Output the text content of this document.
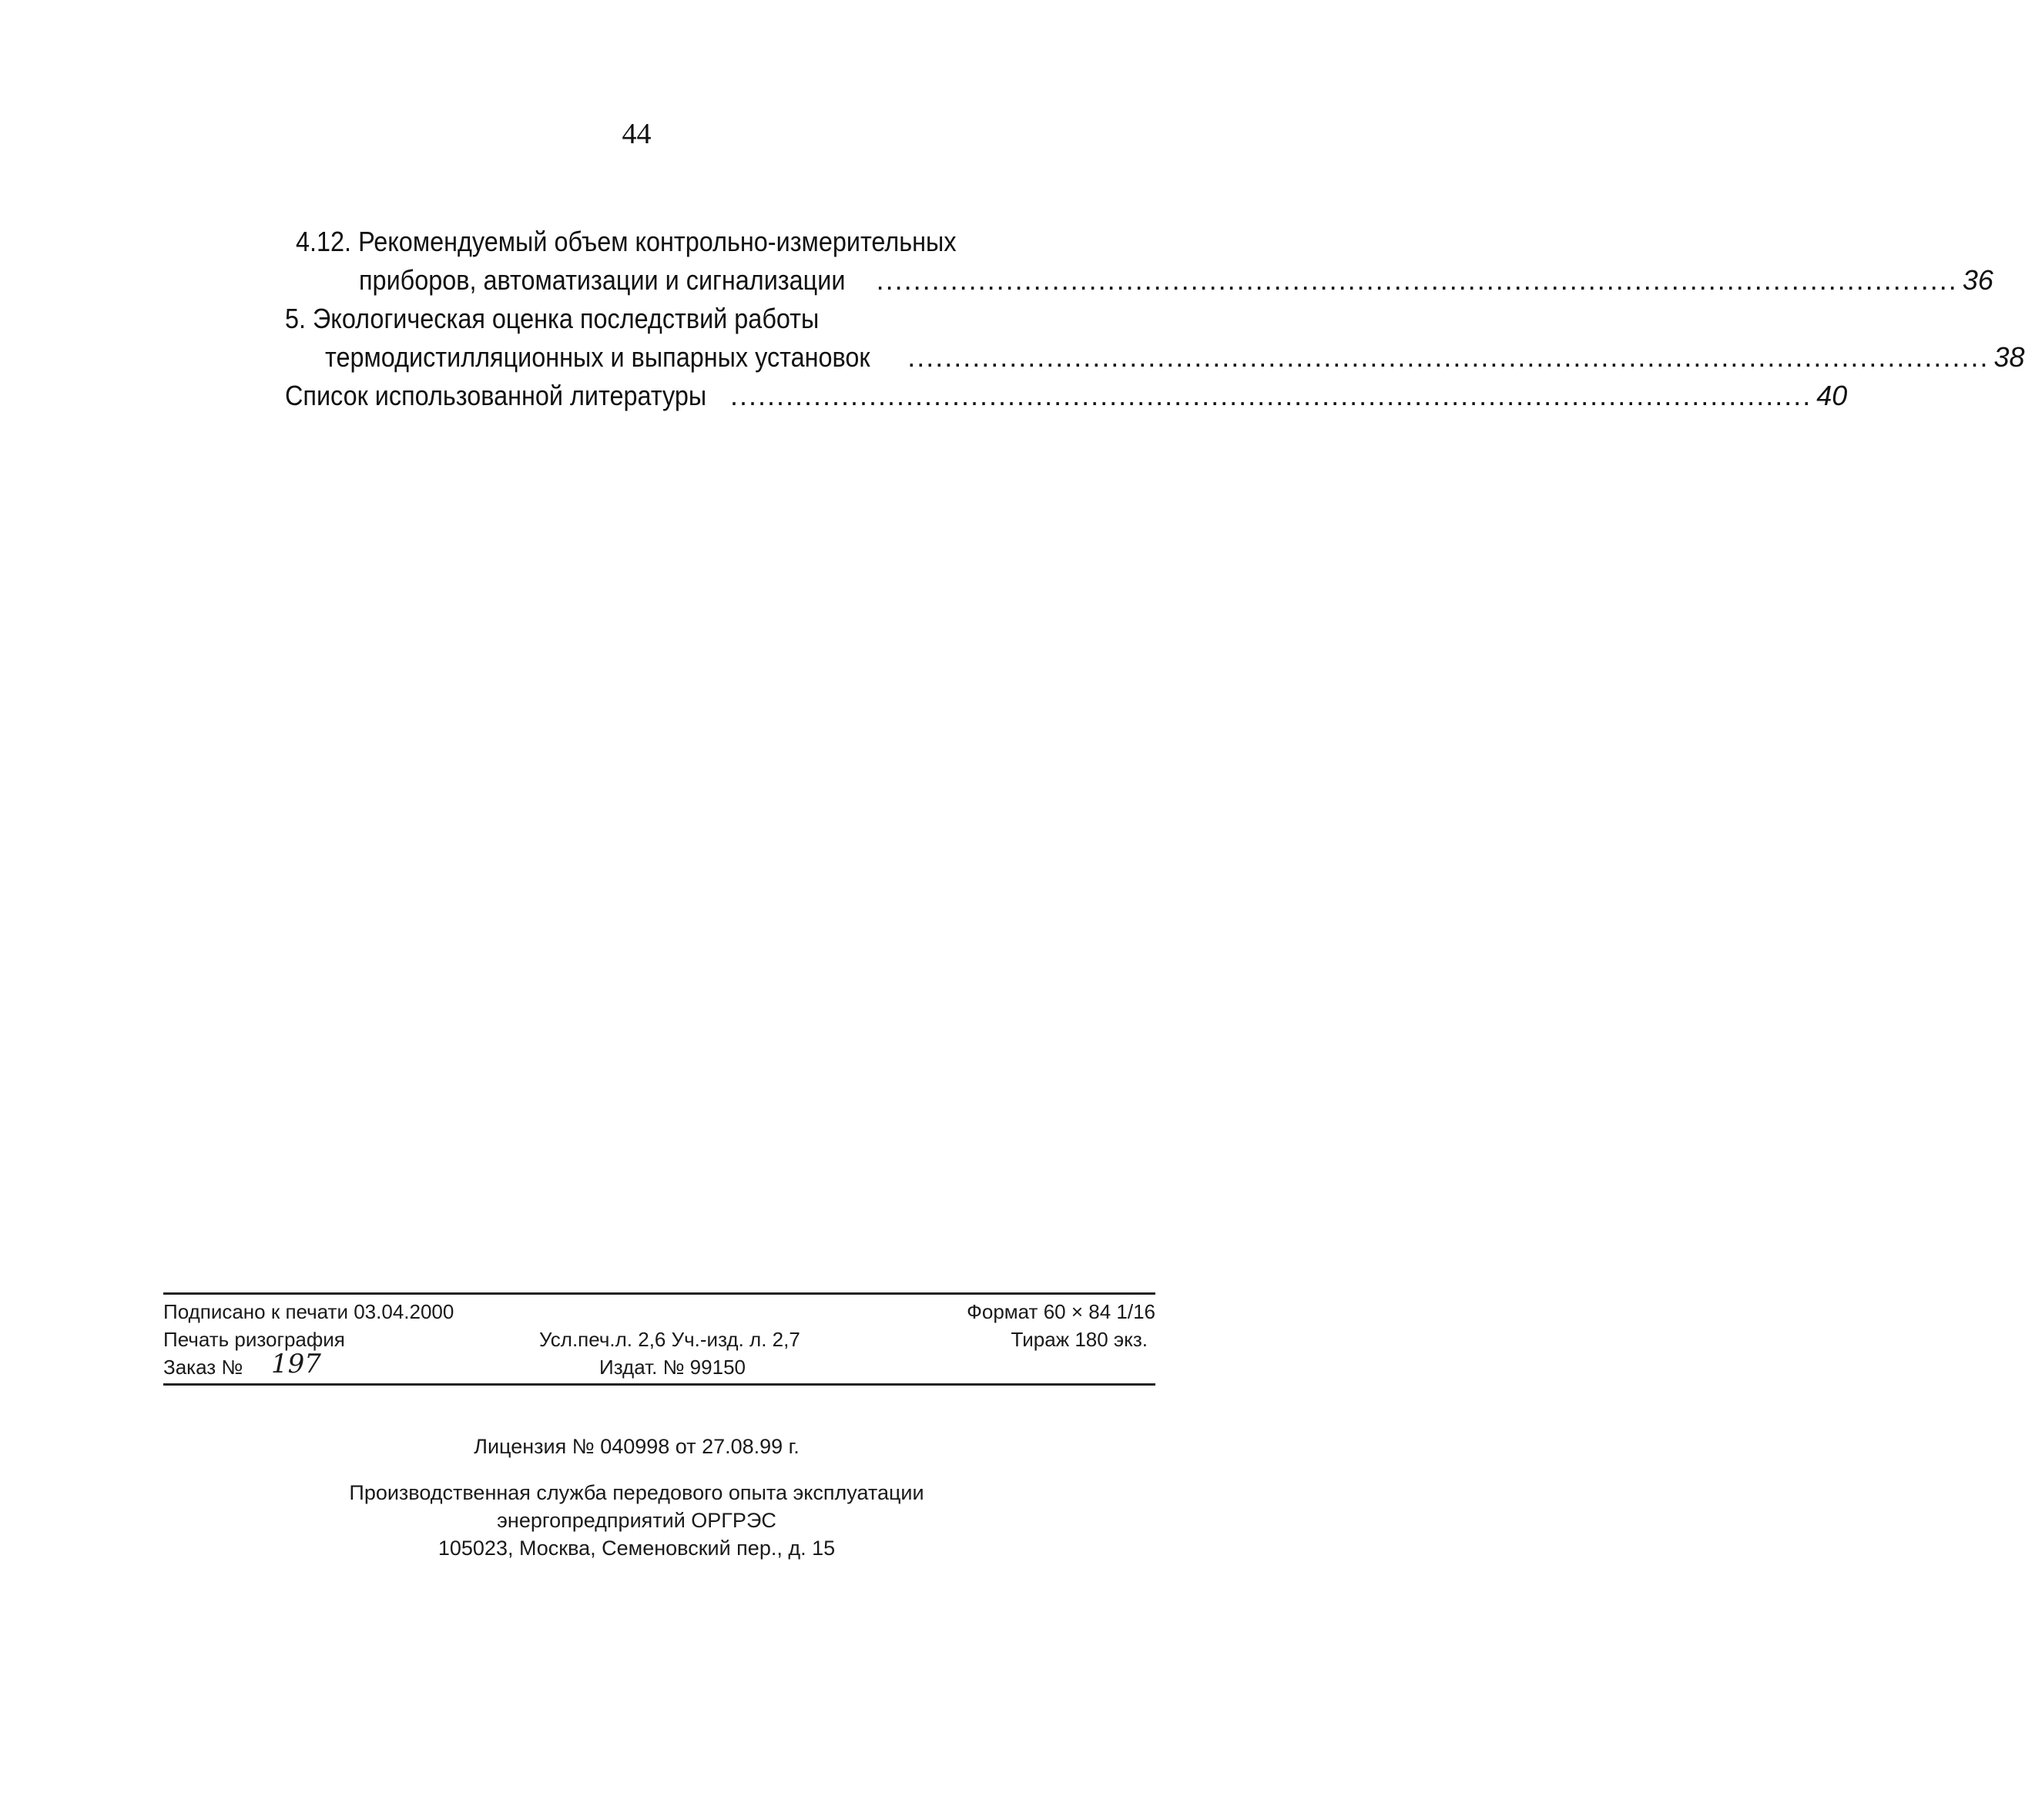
44
4.12. Рекомендуемый объем контрольно-измерительных
приборов, автоматизации и сигнализации ..................................................................................................................... 36
5. Экологическая оценка последствий работы
термодистилляционных и выпарных установок ..................................................................................................................... 38
Список использованной литературы ..................................................................................................................... 40
Подписано к печати 03.04.2000	Формат 60 × 84 1/16
Печать ризография	Усл.печ.л. 2,6 Уч.-изд. л. 2,7	Тираж 180 экз.
Заказ № 197	Издат. № 99150
Лицензия № 040998 от 27.08.99 г.
Производственная служба передового опыта эксплуатации
энергопредприятий ОРГРЭС
105023, Москва, Семеновский пер., д. 15
